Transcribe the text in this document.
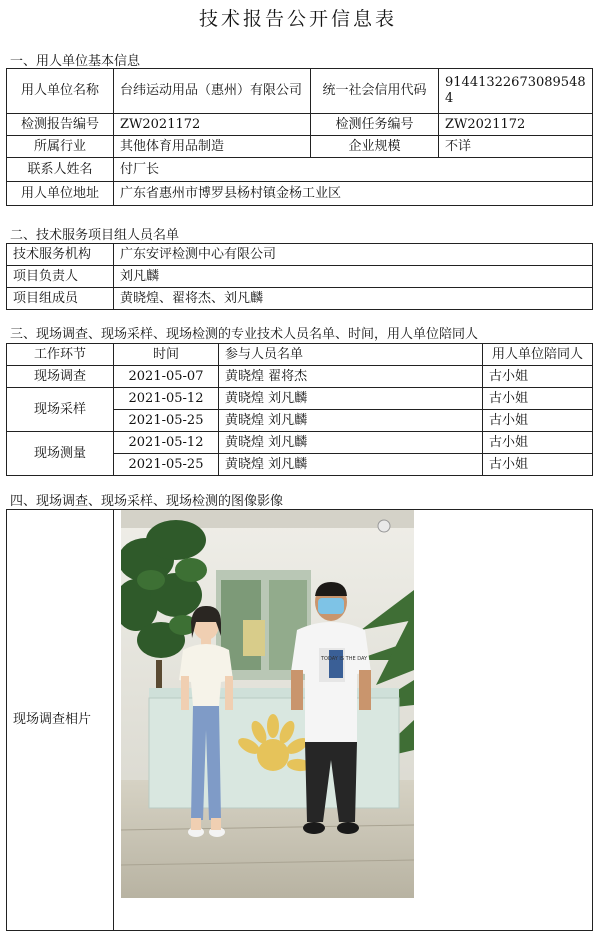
技术报告公开信息表
一、用人单位基本信息
用人单位名称	台纬运动用品（惠州）有限公司	统一社会信用代码	91441322673089548​4
检测报告编号	ZW2021172	检测任务编号	ZW2021172
所属行业	其他体育用品制造	企业规模	不详
联系人姓名	付厂长		
用人单位地址	广东省惠州市博罗县杨村镇金杨工业区		
二、技术服务项目组人员名单
技术服务机构	广东安评检测中心有限公司
项目负责人	刘凡麟
项目组成员	黄晓煌、翟将杰、刘凡麟
三、现场调查、现场采样、现场检测的专业技术人员名单、时间，用人单位陪同人
工作环节	时间	参与人员名单	用人单位陪同人
现场调查	2021-05-07	黄晓煌 翟将杰	古小姐
现场采样	2021-05-12	黄晓煌 刘凡麟	古小姐
	2021-05-25	黄晓煌 刘凡麟	古小姐
现场测量	2021-05-12	黄晓煌 刘凡麟	古小姐
	2021-05-25	黄晓煌 刘凡麟	古小姐
四、现场调查、现场采样、现场检测的图像影像
现场调查相片	
TODAY IS THE DAY
